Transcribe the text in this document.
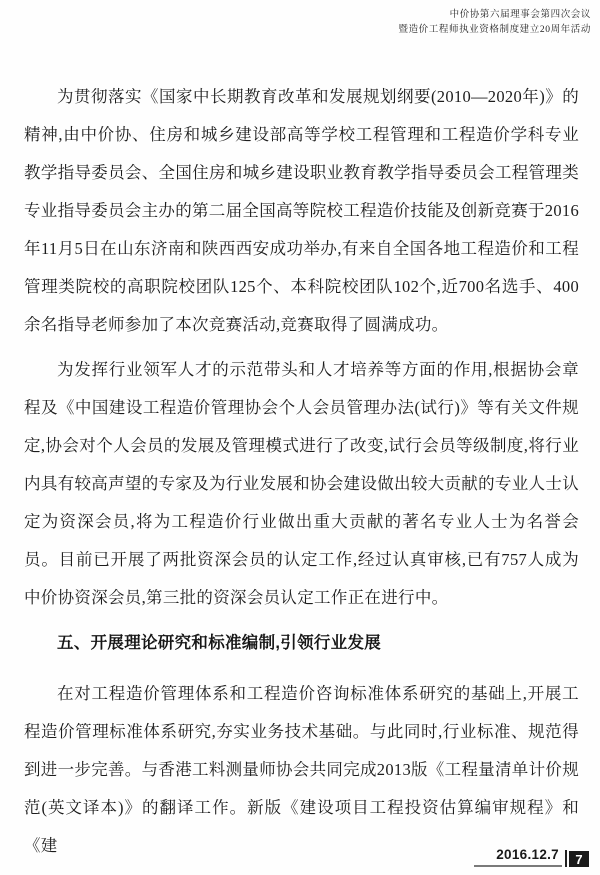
中价协第六届理事会第四次会议
暨造价工程师执业资格制度建立20周年活动

为贯彻落实《国家中长期教育改革和发展规划纲要(2010—2020年)》的精神,由中价协、住房和城乡建设部高等学校工程管理和工程造价学科专业教学指导委员会、全国住房和城乡建设职业教育教学指导委员会工程管理类专业指导委员会主办的第二届全国高等院校工程造价技能及创新竞赛于2016年11月5日在山东济南和陕西西安成功举办,有来自全国各地工程造价和工程管理类院校的高职院校团队125个、本科院校团队102个,近700名选手、400余名指导老师参加了本次竞赛活动,竞赛取得了圆满成功。

为发挥行业领军人才的示范带头和人才培养等方面的作用,根据协会章程及《中国建设工程造价管理协会个人会员管理办法(试行)》等有关文件规定,协会对个人会员的发展及管理模式进行了改变,试行会员等级制度,将行业内具有较高声望的专家及为行业发展和协会建设做出较大贡献的专业人士认定为资深会员,将为工程造价行业做出重大贡献的著名专业人士为名誉会员。目前已开展了两批资深会员的认定工作,经过认真审核,已有757人成为中价协资深会员,第三批的资深会员认定工作正在进行中。

五、开展理论研究和标准编制,引领行业发展

在对工程造价管理体系和工程造价咨询标准体系研究的基础上,开展工程造价管理标准体系研究,夯实业务技术基础。与此同时,行业标准、规范得到进一步完善。与香港工料测量师协会共同完成2013版《工程量清单计价规范(英文译本)》的翻译工作。新版《建设项目工程投资估算编审规程》和《建	2016.12.7 7
